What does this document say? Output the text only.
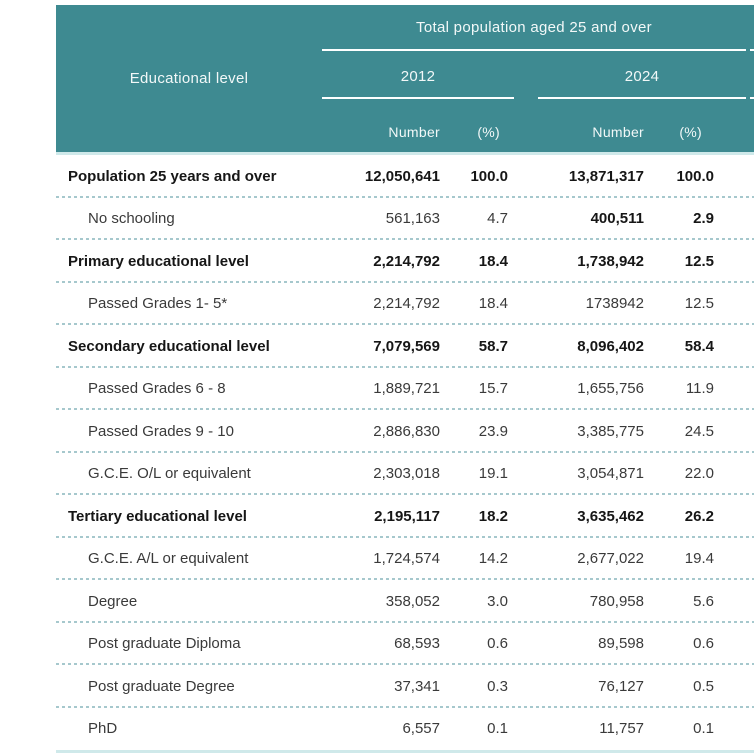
Educational level
Total population aged 25 and over
2012	2024
Number	(%)	Number	(%)
Population 25 years and over	12,050,641	100.0	13,871,317	100.0
No schooling	561,163	4.7	400,511	2.9
Primary educational level	2,214,792	18.4	1,738,942	12.5
Passed Grades 1- 5*	2,214,792	18.4	1738942	12.5
Secondary educational level	7,079,569	58.7	8,096,402	58.4
Passed Grades 6 - 8	1,889,721	15.7	1,655,756	11.9
Passed Grades 9 - 10	2,886,830	23.9	3,385,775	24.5
G.C.E. O/L or equivalent	2,303,018	19.1	3,054,871	22.0
Tertiary educational level	2,195,117	18.2	3,635,462	26.2
G.C.E. A/L or equivalent	1,724,574	14.2	2,677,022	19.4
Degree	358,052	3.0	780,958	5.6
Post graduate Diploma	68,593	0.6	89,598	0.6
Post graduate Degree	37,341	0.3	76,127	0.5
PhD	6,557	0.1	11,757	0.1
